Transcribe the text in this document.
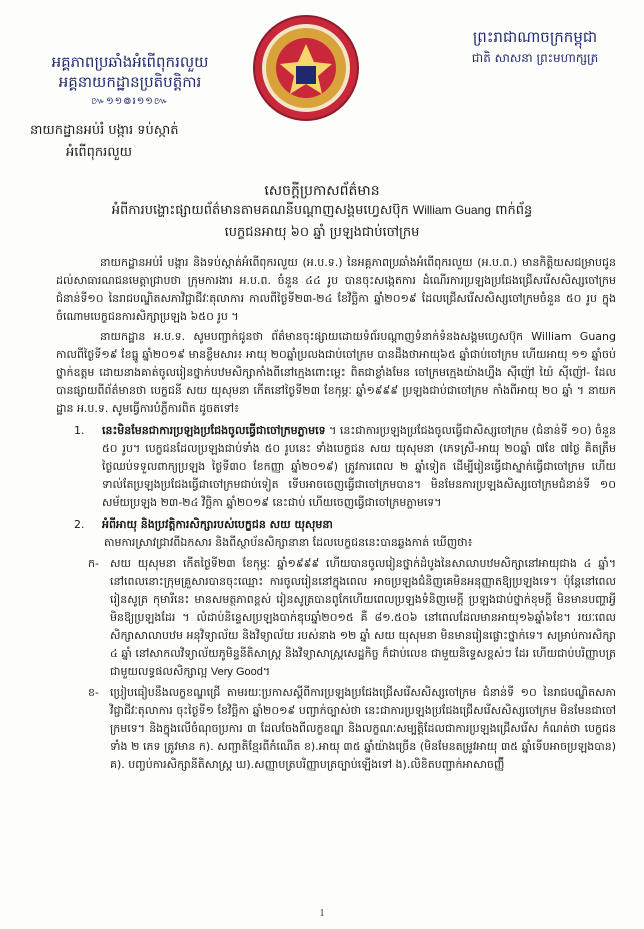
អគ្គភាពប្រឆាំងអំពើពុករលួយ
អគ្គនាយកដ្ឋានប្រតិបត្តិការ
៚១១៙៛១១៚
នាយកដ្ឋានអប់រំ បង្ការ ទប់ស្កាត់
អំពើពុករលួយ
ព្រះរាជាណាចក្រកម្ពុជា
ជាតិ សាសនា ព្រះមហាក្សត្រ
សេចក្តីប្រកាសព័ត៌មាន
អំពីការបង្ហោះផ្សាយព័ត៌មានតាមគណនីបណ្តាញសង្គមហ្វេសប៊ុក William Guang ពាក់ព័ន្ធ
បេក្ខជនអាយុ ៦០ ឆ្នាំ ប្រឡងជាប់ចៅក្រម

នាយកដ្ឋានអប់រំ បង្ការ និងទប់ស្កាត់អំពើពុករលួយ (អ.ប.ទ.) នៃអគ្គភាពប្រឆាំងអំពើពុករលួយ (អ.ប.ព.) មានកិត្តិយសជម្រាបជូនដល់សាធារណជនមេត្តាជ្រាបថា ក្រុមការងារ អ.ប.ព. ចំនួន ៤៤ រូប បានចុះសង្កេតការ ដំណើរការប្រឡងប្រជែងជ្រើសរើសសិស្សចៅក្រម ជំនាន់ទី១០ នៃរាជបណ្ឌិតសភាវិជ្ជាជីវៈតុលាការ កាលពីថ្ងៃទី២៣-២៤ ខែវិច្ឆិកា ឆ្នាំ២០១៩ ដែលជ្រើសរើសសិស្សចៅក្រមចំនួន ៥០ រូប ក្នុងចំណោមបេក្ខជនការសិក្សាប្រឡង ៦៥០ រូប ។

នាយកដ្ឋាន អ.ប.ទ. សូមបញ្ជាក់ជូនថា ព័ត៌មានចុះផ្សាយដោយទំព័របណ្តាញទំនាក់ទំនងសង្គមហ្វេសប៊ុក William Guang កាលពីថ្ងៃទី១៩ ខែធ្នូ ឆ្នាំ២០១៩ មានខ្លឹមសារ៖ អាយុ ២០ឆ្នាំប្រលងជាប់ចៅក្រម បានដឹងថាអាយុ៦៥ ឆ្នាំជាប់ចៅក្រម ហើយអាយុ ១១ ឆ្នាំចប់ថ្នាក់ឧត្តម ដោយនាងគាត់ចូលរៀនថ្នាក់បឋមសិក្សាកាំងពីនៅក្មេងពោះម្តេះ ពិតជាខ្លាំងមែន ចៅក្រមក្មេងយ៉ាងហ្នឹង ស៊ីញ៉ៅ យ៉ៃ ស៊ីញ៉ៅ- ដែលបានផ្សាយពីព័ត៌មានថា បេក្ខជនី សយ យុសុមនា កើតនៅថ្ងៃទី២៣ ខែកុម្ភៈ ឆ្នាំ១៩៩៩ ប្រឡងជាប់ជាចៅក្រម កាំងពីអាយុ ២០ ឆ្នាំ ។ នាយកដ្ឋាន អ.ប.ទ. សូមធ្វើការបំភ្លឺការពិត ដូចតទៅ៖

1.	នេះមិនមែនជាការប្រឡងប្រជែងចូលធ្វើជាចៅក្រមភ្លាមទេ ។ នេះជាការប្រឡងប្រជែងចូលធ្វើជាសិស្សចៅក្រម (ជំនាន់ទី ១០) ចំនួន ៥០ រូប។ បេក្ខជនដែលប្រឡងជាប់ទាំង ៥០ រូបនេះ ទាំងបេក្ខជន សយ យុសុមនា (ភេទស្រី-អាយុ ២០ឆ្នាំ ៧ខែ ៧ថ្ងៃ គិតត្រឹមថ្ងៃឈប់ទទួលពាក្យប្រឡង ថ្ងៃទី៣០ ខែកញ្ញា ឆ្នាំ២០១៩) ត្រូវការពេល ២ ឆ្នាំទៀត ដើម្បីរៀនធ្វើជាស្នាក់ធ្វើជាចៅក្រម ហើយទាល់តែប្រឡងប្រជែងធ្វើជាចៅក្រមជាប់ទៀត ទើបអាចចេញធ្វើជាចៅក្រមបាន។ មិនមែនការប្រឡងសិស្សចៅក្រមជំនាន់ទី ១០ សម័យប្រឡង ២៣-២៤ វិច្ឆិកា ឆ្នាំ២០១៩ នេះជាប់ ហើយចេញធ្វើជាចៅក្រមភ្លាមទេ។
2.	អំពីអាយុ និងប្រវត្តិការសិក្សារបស់បេក្ខជន សយ យុសុមនា
តាមការស្រាវជ្រាវពីឯកសារ និងពីស្ថាប័នសិក្សានានា ដែលបេក្ខជននេះបានឆ្លងកាត់ ឃើញថា៖
ក-	សយ យុសុមនា កើតថ្ងៃទី២៣ ខែកុម្ភៈ ឆ្នាំ១៩៩៩ ហើយបានចូលរៀនថ្នាក់ដំបូងនៃសាលាបឋមសិក្សានៅអាយុជាង ៤ ឆ្នាំ។ នៅពេលនោះក្រុមគ្រួសារបានចុះឈ្មោះ ការចូលរៀននៅក្នុងពេល អាចប្រឡងជំនិញគេមិនអនុញ្ញាតឱ្យប្រឡងទេ។ ប៉ុន្តែនៅពេលរៀនសូត្រ កុមារីនេះ មានសមត្ថភាពខ្ពស់ រៀនសូត្របានពូកែហើយពេលប្រឡងទំនិញមេក្តី ប្រឡងជាប់ថ្នាក់ខុមក្តី មិនមានបញ្ហាអ្វីមិនឱ្យប្រឡងដែរ ។ លំដាប់និន្ទេសប្រឡងបាក់ឌុបឆ្នាំ២០១៥ គឺ ៨១.៥០៦ នៅពេលដែលមានអាយុ១៦ឆ្នាំ៦ខែ។ រយៈពេលសិក្សាសាលាបឋម អនុវិទ្យាល័យ និងវិទ្យាល័យ របស់នាង ១២ ឆ្នាំ សយ យុសុមនា មិនមានរៀនផ្លោះថ្នាក់ទេ។ សម្រាប់ការសិក្សា ៤ ឆ្នាំ នៅសាកលវិទ្យាល័យភូមិន្ទនីតិសាស្ត្រ និងវិទ្យាសាស្ត្រសេដ្ឋកិច្ច ក៏ជាប់លេខ ជាមួយនិទ្ទេសខ្ពស់ៗ ដែរ ហើយជាប់បរិញ្ញាបត្រ ជាមួយលទ្ធផលសិក្សាល្អ Very Good។
ខ-	ប្រៀបធៀបនឹងលក្ខខណ្ឌជ្រើ តាមរយៈប្រកាសស្តីពីការប្រឡងប្រជែងជ្រើសរើសសិស្សចៅក្រម ជំនាន់ទី ១០ នៃរាជបណ្ឌិតសភាវិជ្ជាជីវៈតុលាការ ចុះថ្ងៃទី១ ខែវិច្ឆិកា ឆ្នាំ២០១៩ បញ្ជាក់ច្បាស់ថា នេះជាការប្រឡងប្រជែងជ្រើសរើសសិស្សចៅក្រម មិនមែនជាចៅក្រមទេ។ និងក្នុងលើចំណុចប្រការ ៣ ដែលចែងពីលក្ខខណ្ឌ និងលក្ខណៈសម្បត្តិដែលជាការប្រឡងជ្រើសរើស កំណត់ថា បេក្ខជនទាំង ២ ភេទ ត្រូវមាន ក). សញ្ជាតិខ្មែរពីកំណើត ខ).អាយុ ៣៥ ឆ្នាំយ៉ាងច្រើន (មិនមែនតម្រូវអាយុ ៣៥ ឆ្នាំទើបអាចប្រឡងបាន) គ). បញ្ចប់ការសិក្សានីតិសាស្ត្រ ឃ).សញ្ញាបត្របរិញ្ញាបត្រច្បាប់ឡើងទៅ ង).លិខិតបញ្ជាក់អាសាចញ្ញ៊ី
1
